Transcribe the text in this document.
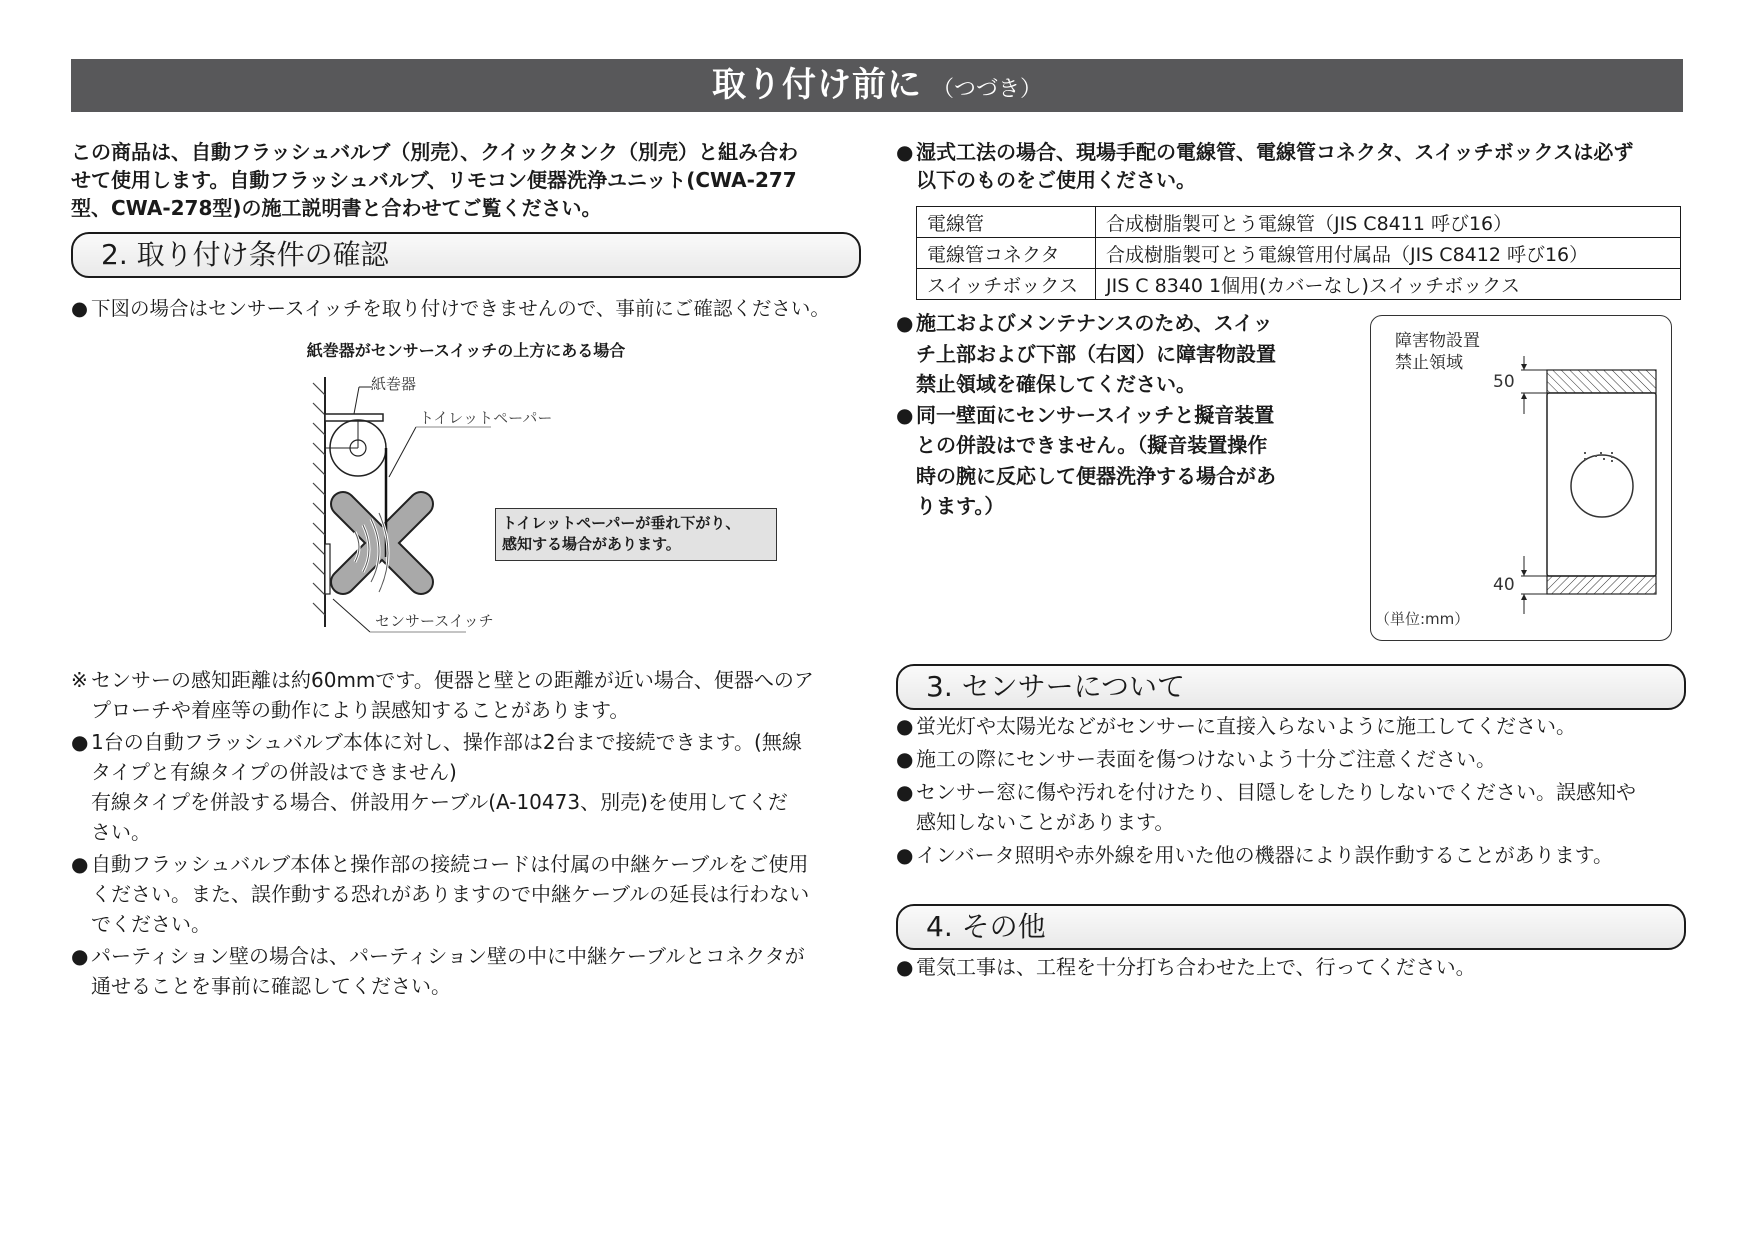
取り付け前に （つづき）

この商品は、自動フラッシュバルブ（別売）、クイックタンク（別売）と組み合わ

せて使用します。自動フラッシュバルブ、リモコン便器洗浄ユニット(CWA-277

型、CWA-278型)の施工説明書と合わせてご覧ください。

2. 取り付け条件の確認

● 下図の場合はセンサースイッチを取り付けできませんので、事前にご確認ください。

紙巻器がセンサースイッチの上方にある場合
紙巻器
トイレットペーパー
センサースイッチ

トイレットペーパーが垂れ下がり、

感知する場合があります。

※ センサーの感知距離は約60mmです。便器と壁との距離が近い場合、便器へのア
プローチや着座等の動作により誤感知することがあります。

● 1台の自動フラッシュバルブ本体に対し、操作部は2台まで接続できます。(無線
タイプと有線タイプの併設はできません)

有線タイプを併設する場合、併設用ケーブル(A-10473、別売)を使用してくだ
さい。

● 自動フラッシュバルブ本体と操作部の接続コードは付属の中継ケーブルをご使用
ください。また、誤作動する恐れがありますので中継ケーブルの延長は行わない
でください。

● パーティション壁の場合は、パーティション壁の中に中継ケーブルとコネクタが
通せることを事前に確認してください。

● 湿式工法の場合、現場手配の電線管、電線管コネクタ、スイッチボックスは必ず
以下のものをご使用ください。

電線管	合成樹脂製可とう電線管（JIS C8411 呼び16）
電線管コネクタ	合成樹脂製可とう電線管用付属品（JIS C8412 呼び16）
スイッチボックス	JIS C 8340 1個用(カバーなし)スイッチボックス

● 施工およびメンテナンスのため、スイッ
チ上部および下部（右図）に障害物設置
禁止領域を確保してください。

● 同一壁面にセンサースイッチと擬音装置
との併設はできません。（擬音装置操作
時の腕に反応して便器洗浄する場合があ
ります。）

3. センサーについて

● 蛍光灯や太陽光などがセンサーに直接入らないように施工してください。

● 施工の際にセンサー表面を傷つけないよう十分ご注意ください。

● センサー窓に傷や汚れを付けたり、目隠しをしたりしないでください。誤感知や
感知しないことがあります。

● インバータ照明や赤外線を用いた他の機器により誤作動することがあります。

4. その他

● 電気工事は、工程を十分打ち合わせた上で、行ってください。

障害物設置

禁止領域

50
40
（単位:mm）
